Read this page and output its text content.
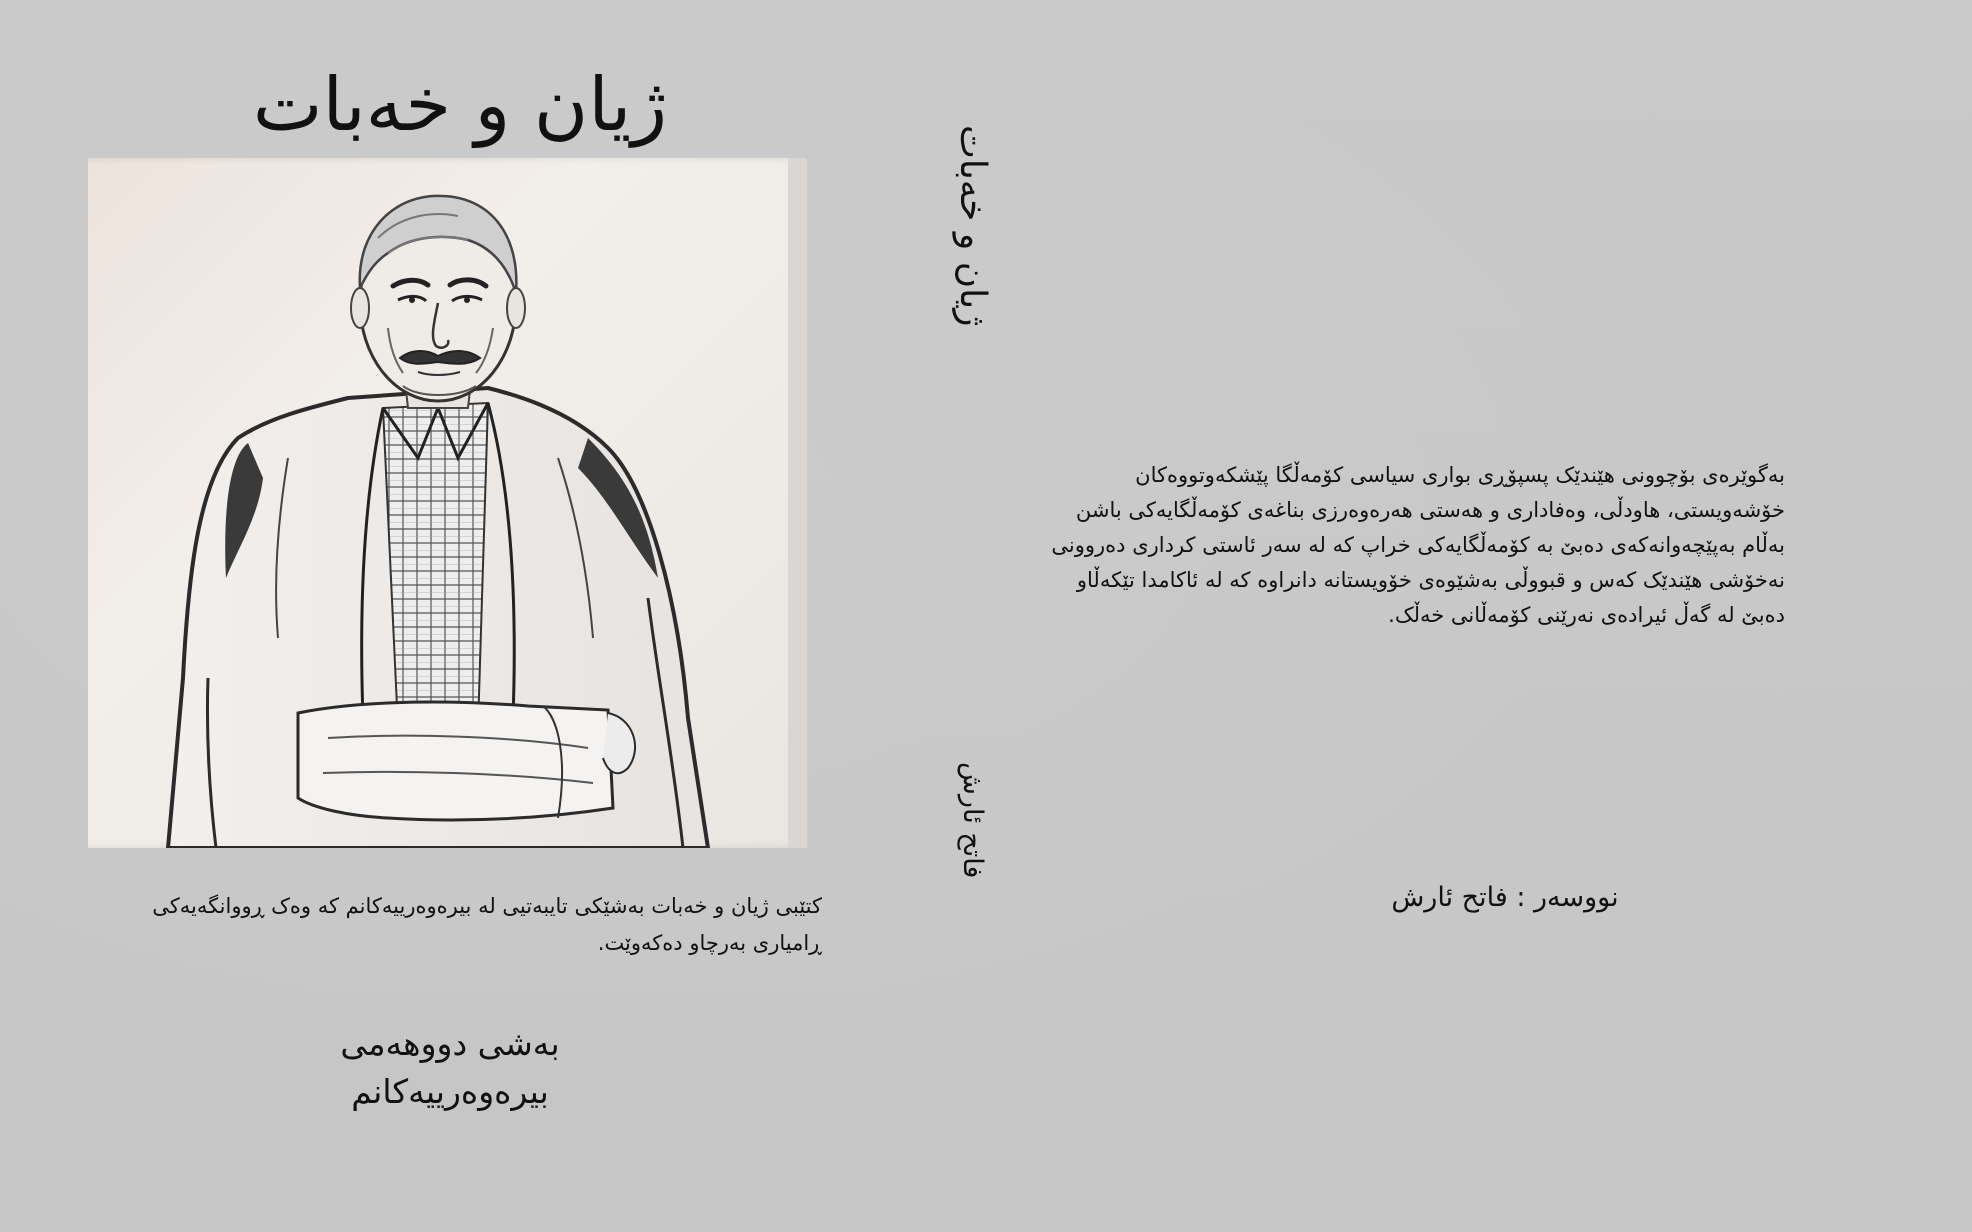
ژیان و خەبات
کتێبی ژیان و خەبات بەشێکی تایبەتیی لە بیرەوەرییەکانم کە وەک ڕووانگەیەکی
ڕامیاری بەرچاو دەکەوێت.
بەشی دووهەمی بیرەوەرییەکانم
ژیان و خەبات
فاتح ئارش
بەگوێرەی بۆچوونی هێندێک پسپۆڕی بواری سیاسی کۆمەڵگا پێشکەوتووەکان
خۆشەویستی، هاودڵی، وەفاداری و هەستی هەرەوەرزی بناغەی کۆمەڵگایەکی باشن
بەڵام بەپێچەوانەکەی دەبێ بە کۆمەڵگایەکی خراپ کە لە سەر ئاستی کرداری دەروونی
نەخۆشی هێندێک کەس و قبووڵی بەشێوەی خۆویستانە دانراوە کە لە ئاکامدا تێکەڵاو
دەبێ لە گەڵ ئیرادەی نەرێنی کۆمەڵانی خەڵک.
نووسەر : فاتح ئارش
